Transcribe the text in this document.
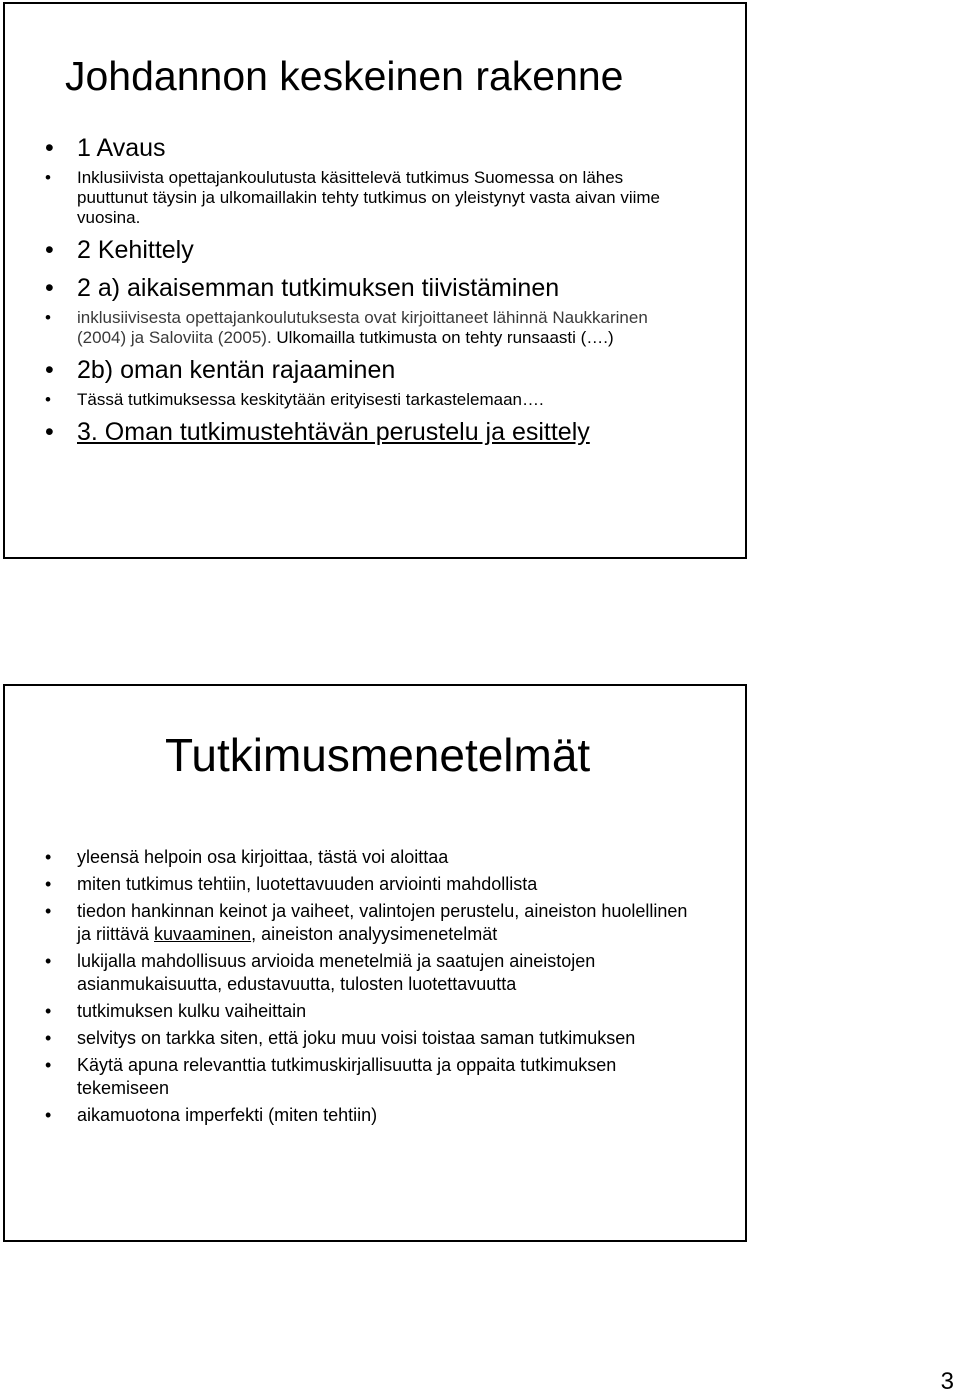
Johdannon keskeinen rakenne
• 1 Avaus
• Inklusiivista opettajankoulutusta käsittelevä tutkimus Suomessa on lähes puuttunut täysin ja ulkomaillakin tehty tutkimus on yleistynyt vasta aivan viime vuosina.
• 2 Kehittely
• 2 a) aikaisemman tutkimuksen tiivistäminen
• inklusiivisesta opettajankoulutuksesta ovat kirjoittaneet lähinnä Naukkarinen (2004) ja Saloviita (2005). Ulkomailla tutkimusta on tehty runsaasti (….)
• 2b) oman kentän rajaaminen
• Tässä tutkimuksessa keskitytään erityisesti tarkastelemaan….
• 3. Oman tutkimustehtävän perustelu ja esittely
Tutkimusmenetelmät
• yleensä helpoin osa kirjoittaa, tästä voi aloittaa
• miten tutkimus tehtiin, luotettavuuden arviointi mahdollista
• tiedon hankinnan keinot ja vaiheet, valintojen perustelu, aineiston huolellinen ja riittävä kuvaaminen, aineiston analyysimenetelmät
• lukijalla mahdollisuus arvioida menetelmiä ja saatujen aineistojen asianmukaisuutta, edustavuutta, tulosten luotettavuutta
• tutkimuksen kulku vaiheittain
• selvitys on tarkka siten, että joku muu voisi toistaa saman tutkimuksen
• Käytä apuna relevanttia tutkimuskirjallisuutta ja oppaita tutkimuksen tekemiseen
• aikamuotona imperfekti (miten tehtiin)
3
